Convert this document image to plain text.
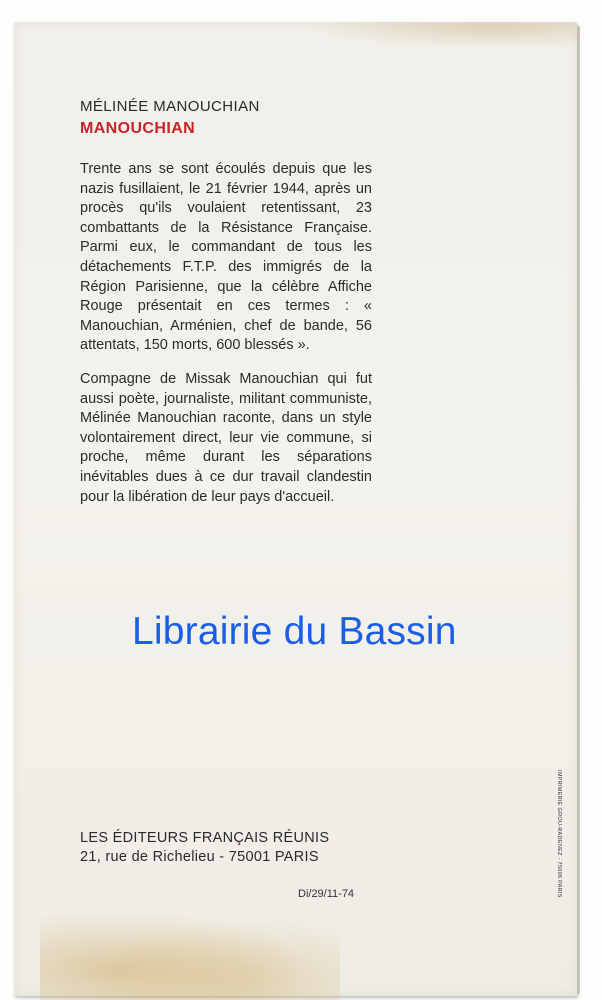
MÉLINÉE MANOUCHIAN
MANOUCHIAN

Trente ans se sont écoulés depuis que les nazis fusillaient, le 21 février 1944, après un procès qu'ils voulaient retentissant, 23 combattants de la Résistance Française. Parmi eux, le commandant de tous les détachements F.T.P. des immigrés de la Région Parisienne, que la célèbre Affiche Rouge présentait en ces termes : « Manouchian, Arménien, chef de bande, 56 attentats, 150 morts, 600 blessés ».

Compagne de Missak Manouchian qui fut aussi poète, journaliste, militant communiste, Mélinée Manouchian raconte, dans un style volontairement direct, leur vie commune, si proche, même durant les séparations inévitables dues à ce dur travail clandestin pour la libération de leur pays d'accueil.

Librairie du Bassin
LES ÉDITEURS FRANÇAIS RÉUNIS
21, rue de Richelieu - 75001 PARIS
Di/29/11-74	IMPRIMERIE GROU-RADENEZ - 75006 PARIS
